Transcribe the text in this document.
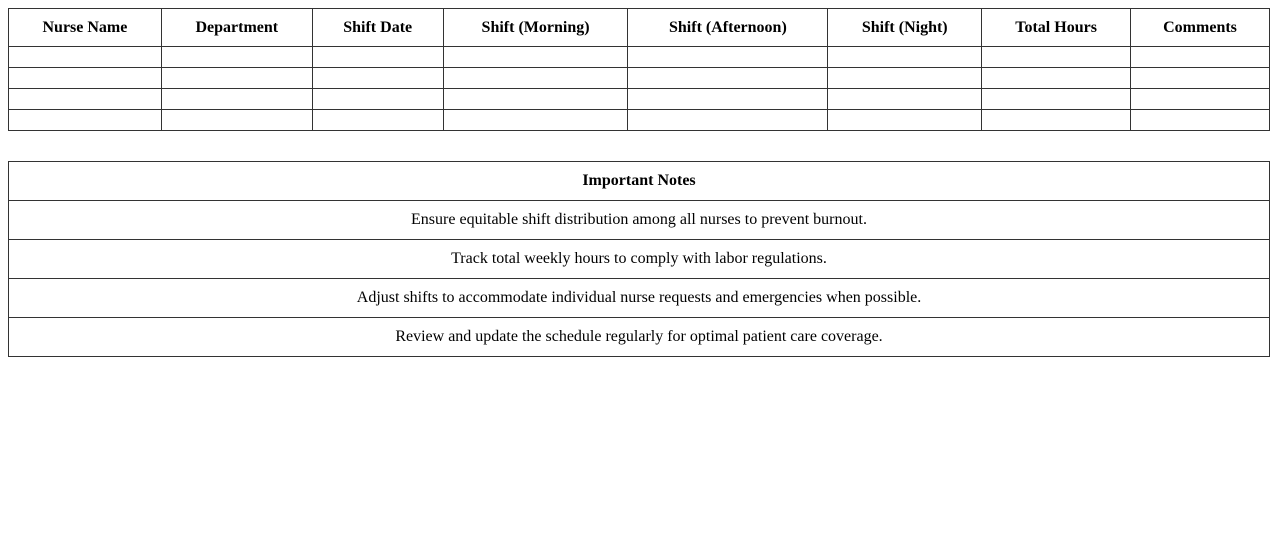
Nurse Name	Department	Shift Date	Shift (Morning)	Shift (Afternoon)	Shift (Night)	Total Hours	Comments

Important Notes
Ensure equitable shift distribution among all nurses to prevent burnout.
Track total weekly hours to comply with labor regulations.
Adjust shifts to accommodate individual nurse requests and emergencies when possible.
Review and update the schedule regularly for optimal patient care coverage.
